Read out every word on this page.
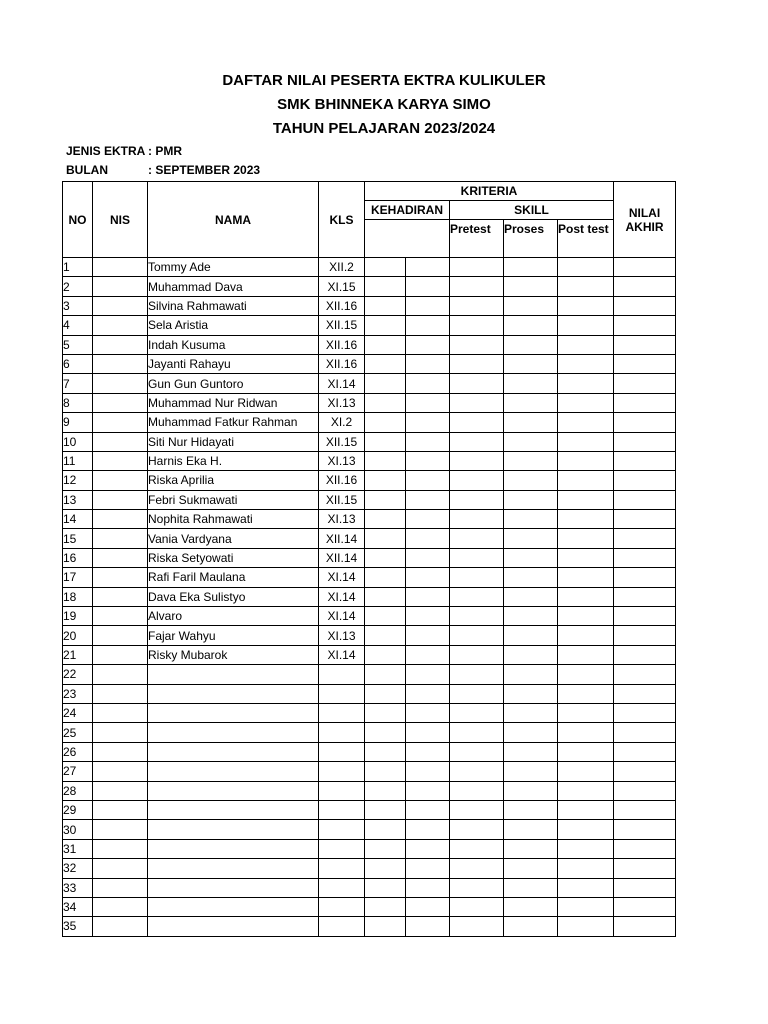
DAFTAR NILAI PESERTA EKTRA KULIKULER
SMK BHINNEKA KARYA SIMO
TAHUN PELAJARAN 2023/2024
JENIS EKTRA : PMR
BULAN	: SEPTEMBER 2023
NO	NIS	NAMA	KLS	KRITERIA					NILAI AKHIR
				KEHADIRAN		SKILL			
						Pretest	Proses	Post test	
1		Tommy Ade	XII.2						
2		Muhammad Dava	XI.15						
3		Silvina Rahmawati	XII.16						
4		Sela Aristia	XII.15						
5		Indah Kusuma	XII.16						
6		Jayanti Rahayu	XII.16						
7		Gun Gun Guntoro	XI.14						
8		Muhammad Nur Ridwan	XI.13						
9		Muhammad Fatkur Rahman	XI.2						
10		Siti Nur Hidayati	XII.15						
11		Harnis Eka H.	XI.13						
12		Riska Aprilia	XII.16						
13		Febri Sukmawati	XII.15						
14		Nophita Rahmawati	XI.13						
15		Vania Vardyana	XII.14						
16		Riska Setyowati	XII.14						
17		Rafi Faril Maulana	XI.14						
18		Dava Eka Sulistyo	XI.14						
19		Alvaro	XI.14						
20		Fajar Wahyu	XI.13						
21		Risky Mubarok	XI.14						
22									
23									
24									
25									
26									
27									
28									
29									
30									
31									
32									
33									
34									
35									
